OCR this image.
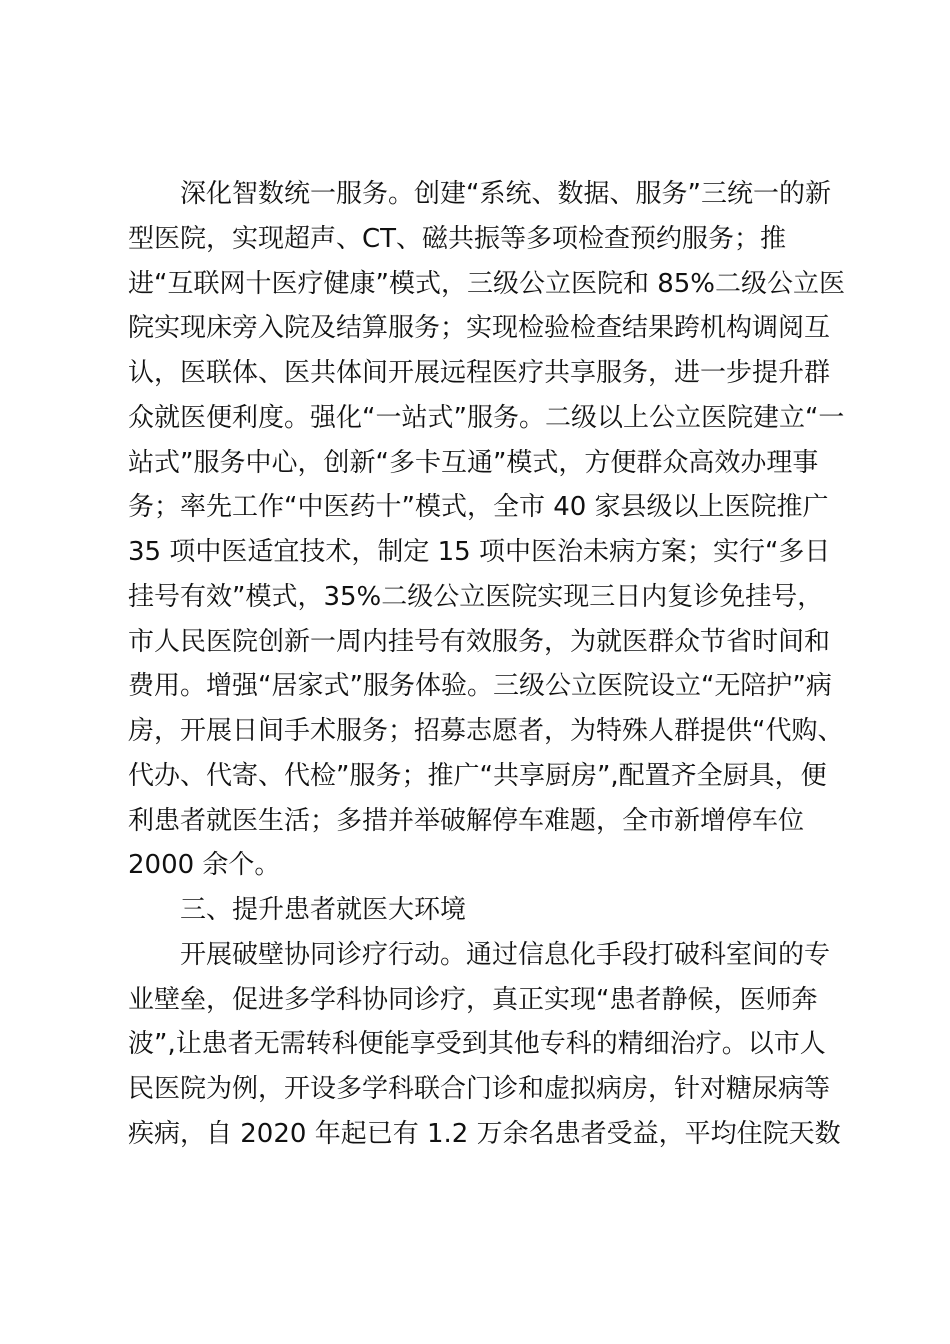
深化智数统一服务。创建“系统、数据、服务”三统一的新
型医院，实现超声、CT、磁共振等多项检查预约服务；推
进“互联网十医疗健康”模式，三级公立医院和 85%二级公立医
院实现床旁入院及结算服务；实现检验检查结果跨机构调阅互
认，医联体、医共体间开展远程医疗共享服务，进一步提升群
众就医便利度。强化“一站式”服务。二级以上公立医院建立“一
站式”服务中心，创新“多卡互通”模式，方便群众高效办理事
务；率先工作“中医药十”模式，全市 40 家县级以上医院推广
35 项中医适宜技术，制定 15 项中医治未病方案；实行“多日
挂号有效”模式，35%二级公立医院实现三日内复诊免挂号，
市人民医院创新一周内挂号有效服务，为就医群众节省时间和
费用。增强“居家式”服务体验。三级公立医院设立“无陪护”病
房，开展日间手术服务；招募志愿者，为特殊人群提供“代购、
代办、代寄、代检”服务；推广“共享厨房”,配置齐全厨具，便
利患者就医生活；多措并举破解停车难题，全市新增停车位
2000 余个。
三、提升患者就医大环境
开展破壁协同诊疗行动。通过信息化手段打破科室间的专
业壁垒，促进多学科协同诊疗，真正实现“患者静候，医师奔
波”,让患者无需转科便能享受到其他专科的精细治疗。以市人
民医院为例，开设多学科联合门诊和虚拟病房，针对糖尿病等
疾病，自 2020 年起已有 1.2 万余名患者受益，平均住院天数
